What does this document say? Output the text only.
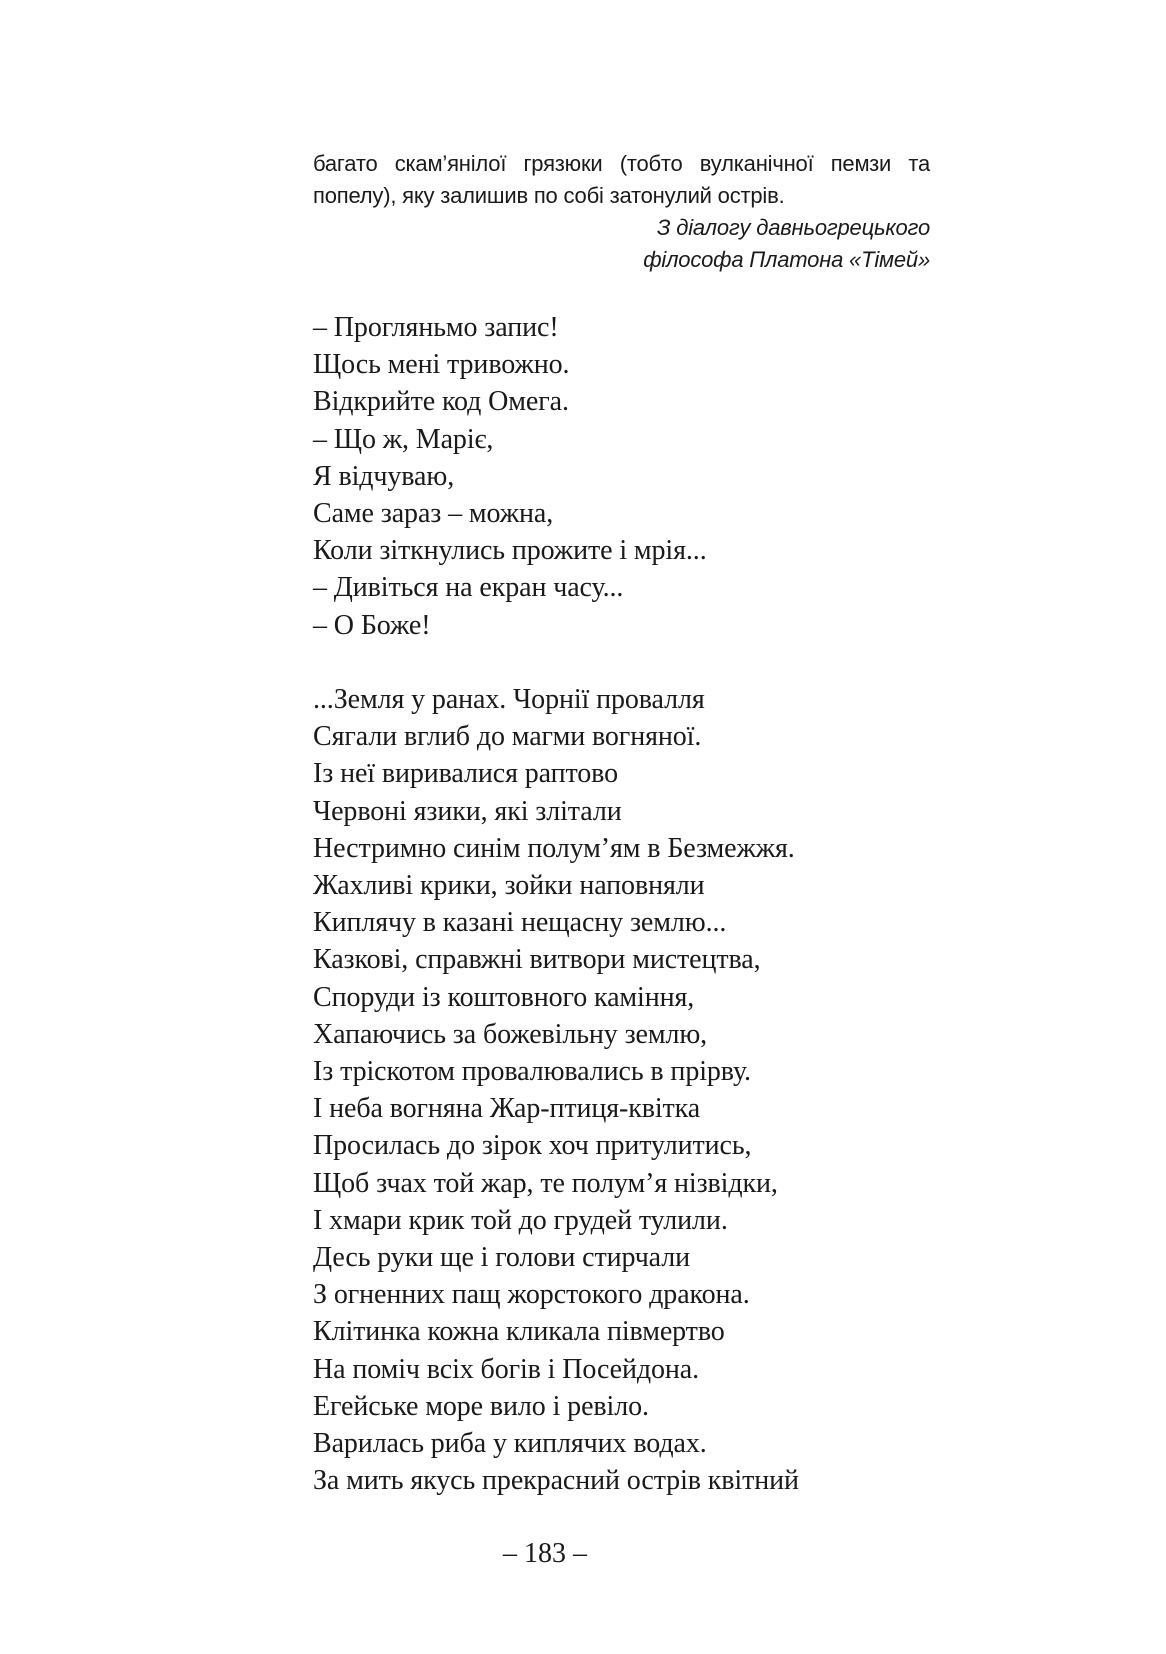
багато скам’янілої грязюки (тобто вулканічної пемзи та попелу), яку залишив по собі затонулий острів.

З діалогу давньогрецького
філософа Платона «Тімей»

– Прогляньмо запис!
Щось мені тривожно.
Відкрийте код Омега.
– Що ж, Маріє,
Я відчуваю,
Саме зараз – можна,
Коли зіткнулись прожите і мрія...
– Дивіться на екран часу...
– О Боже!
...Земля у ранах. Чорнії провалля
Сягали вглиб до магми вогняної.
Із неї виривалися раптово
Червоні язики, які злітали
Нестримно синім полум’ям в Безмежжя.
Жахливі крики, зойки наповняли
Киплячу в казані нещасну землю...
Казкові, справжні витвори мистецтва,
Споруди із коштовного каміння,
Хапаючись за божевільну землю,
Із тріскотом провалювались в прірву.
І неба вогняна Жар-птиця-квітка
Просилась до зірок хоч притулитись,
Щоб зчах той жар, те полум’я нізвідки,
І хмари крик той до грудей тулили.
Десь руки ще і голови стирчали
З огненних пащ жорстокого дракона.
Клітинка кожна кликала півмертво
На поміч всіх богів і Посейдона.
Егейське море вило і ревіло.
Варилась риба у киплячих водах.
За мить якусь прекрасний острів квітний
– 183 –
